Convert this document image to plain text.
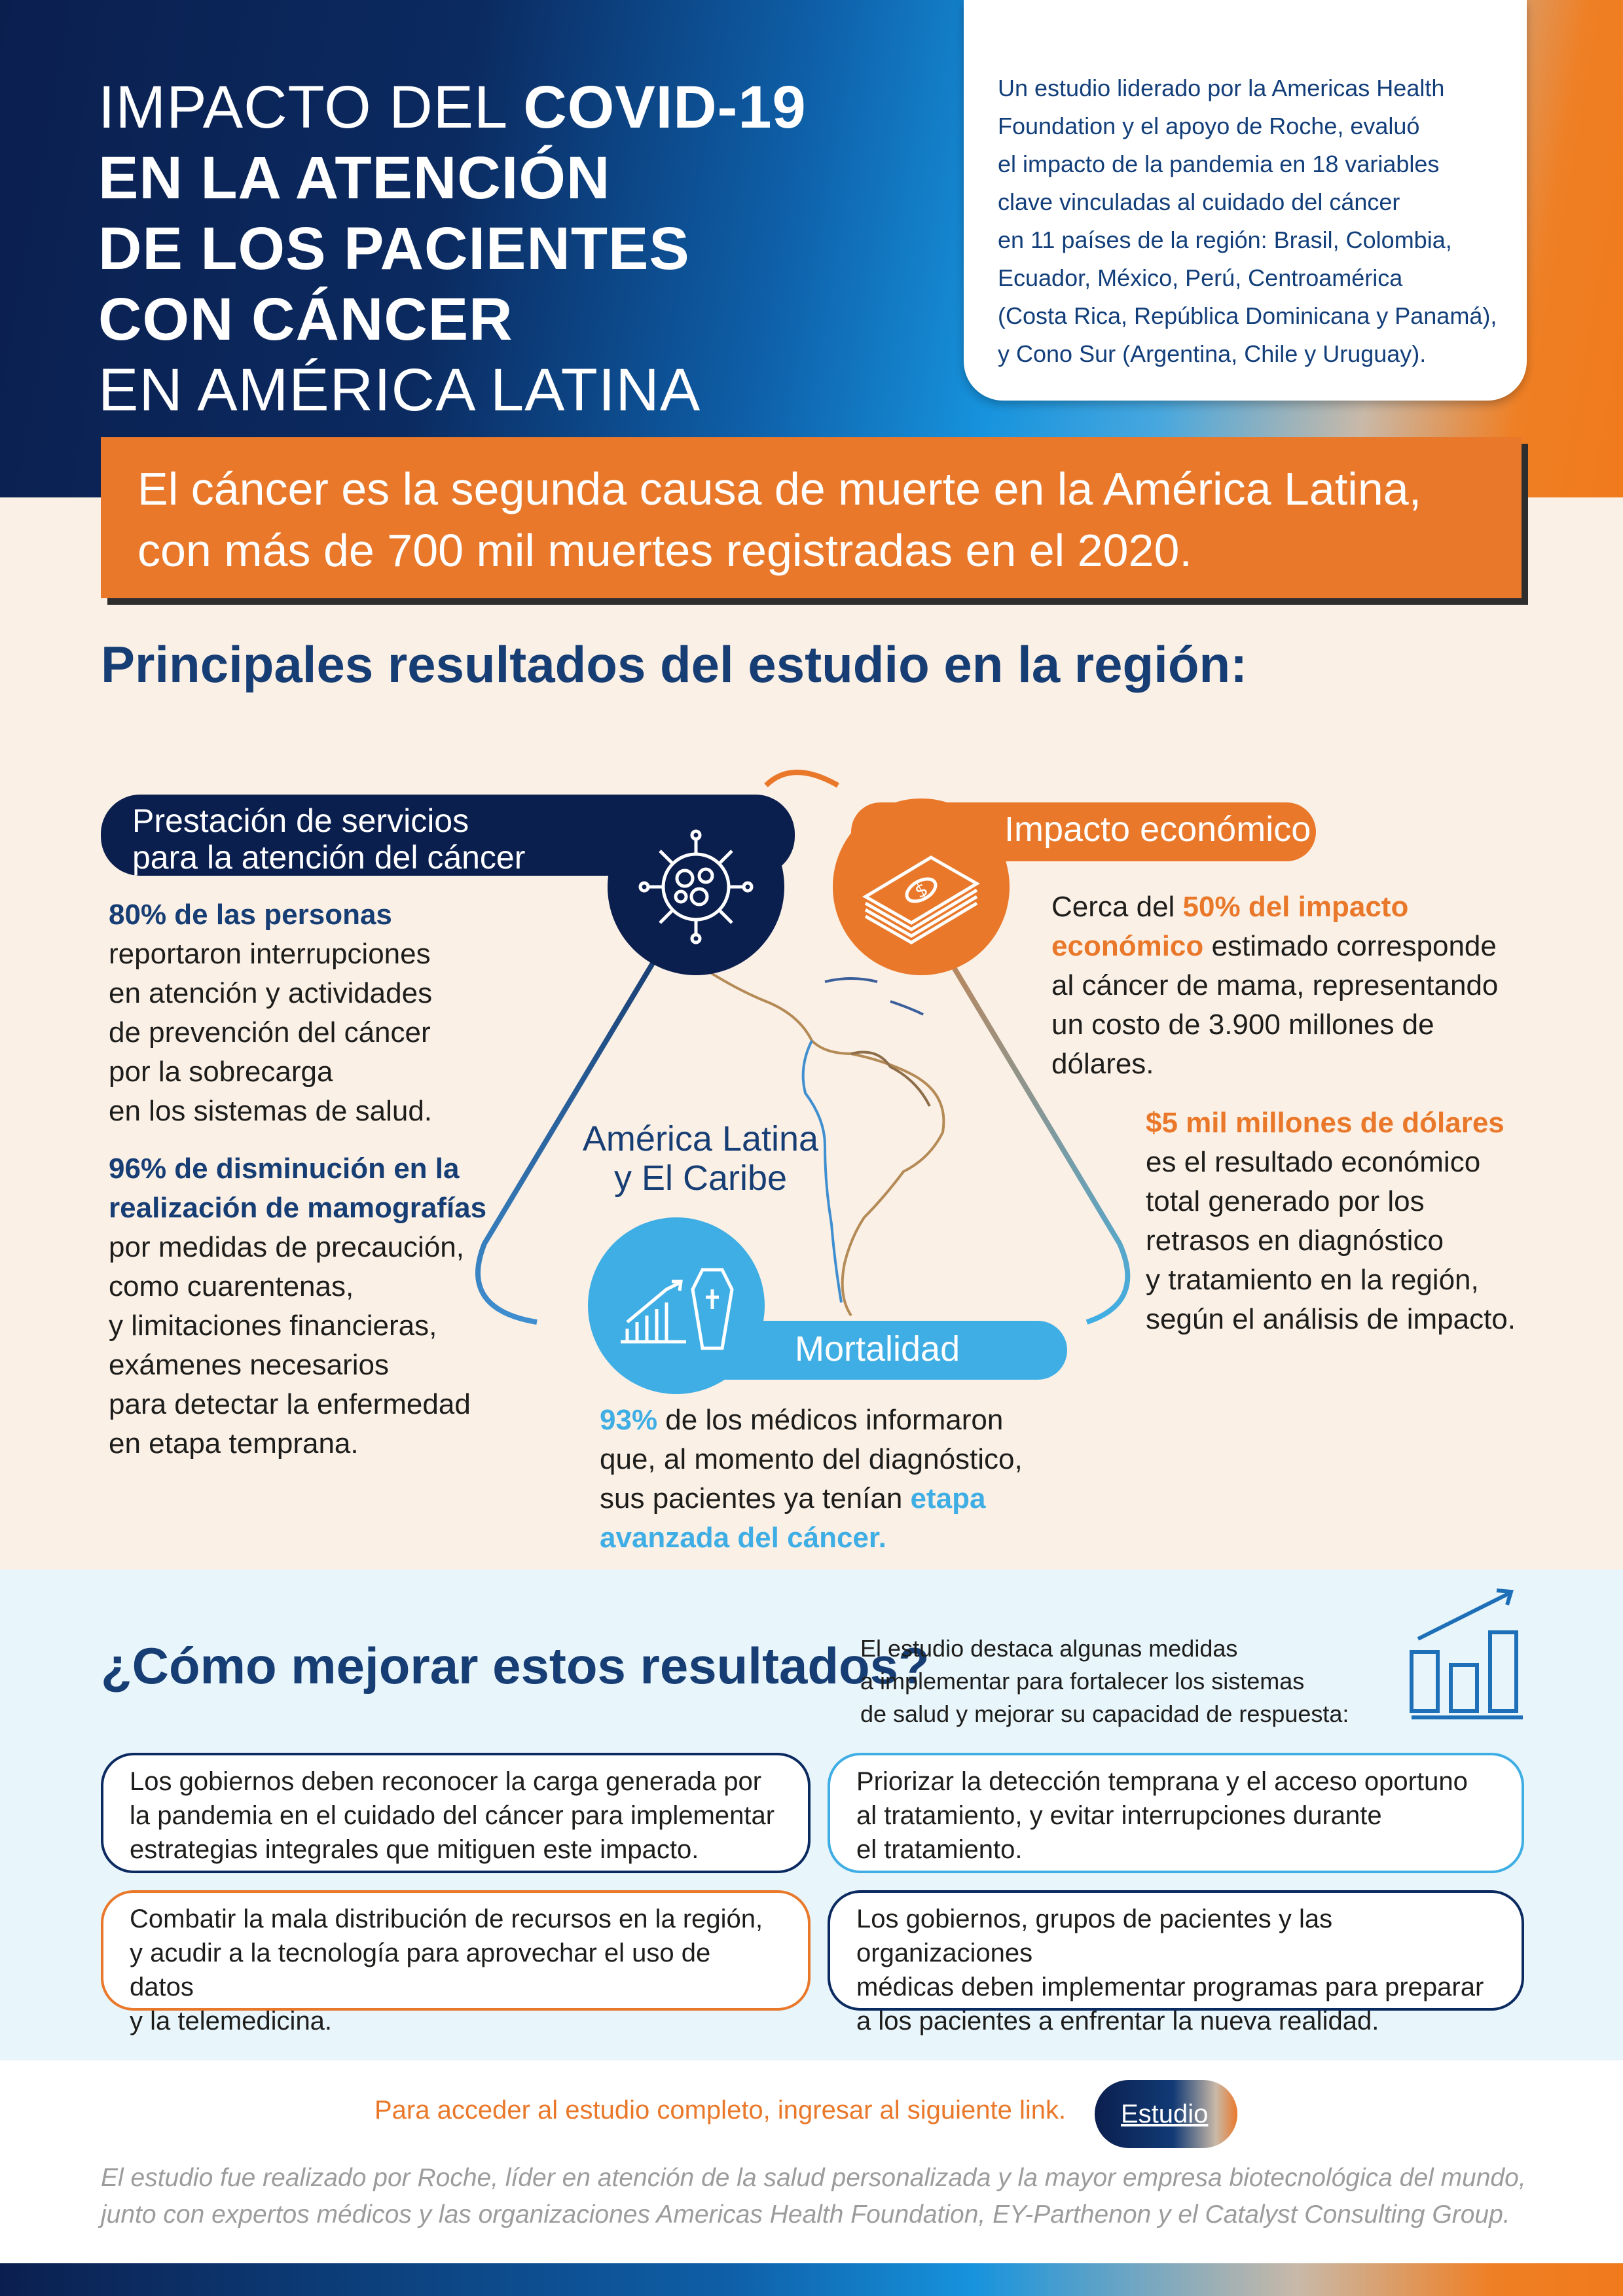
IMPACTO DEL COVID-19
EN LA ATENCIÓN
DE LOS PACIENTES
CON CÁNCER
EN AMÉRICA LATINA
Un estudio liderado por la Americas Health
Foundation y el apoyo de Roche, evaluó
el impacto de la pandemia en 18 variables
clave vinculadas al cuidado del cáncer
en 11 países de la región: Brasil, Colombia,
Ecuador, México, Perú, Centroamérica
(Costa Rica, República Dominicana y Panamá),
y Cono Sur (Argentina, Chile y Uruguay).
El cáncer es la segunda causa de muerte en la América Latina,
con más de 700 mil muertes registradas en el 2020.
Principales resultados del estudio en la región:
Prestación de servicios
para la atención del cáncer
80% de las personas
reportaron interrupciones
en atención y actividades
de prevención del cáncer
por la sobrecarga
en los sistemas de salud.
96% de disminución en la
realización de mamografías
por medidas de precaución,
como cuarentenas,
y limitaciones financieras,
exámenes necesarios
para detectar la enfermedad
en etapa temprana.
Impacto económico
$
Cerca del 50% del impacto
económico estimado corresponde
al cáncer de mama, representando
un costo de 3.900 millones de
dólares.
$5 mil millones de dólares
es el resultado económico
total generado por los
retrasos en diagnóstico
y tratamiento en la región,
según el análisis de impacto.
América Latina
y El Caribe
Mortalidad
93% de los médicos informaron
que, al momento del diagnóstico,
sus pacientes ya tenían etapa
avanzada del cáncer.
¿Cómo mejorar estos resultados?
El estudio destaca algunas medidas
a implementar para fortalecer los sistemas
de salud y mejorar su capacidad de respuesta:
Los gobiernos deben reconocer la carga generada por
la pandemia en el cuidado del cáncer para implementar
estrategias integrales que mitiguen este impacto.
Priorizar la detección temprana y el acceso oportuno
al tratamiento, y evitar interrupciones durante
el tratamiento.
Combatir la mala distribución de recursos en la región,
y acudir a la tecnología para aprovechar el uso de datos
y la telemedicina.
Los gobiernos, grupos de pacientes y las organizaciones
médicas deben implementar programas para preparar
a los pacientes a enfrentar la nueva realidad.
Para acceder al estudio completo, ingresar al siguiente link. Estudio
El estudio fue realizado por Roche, líder en atención de la salud personalizada y la mayor empresa biotecnológica del mundo,
junto con expertos médicos y las organizaciones Americas Health Foundation, EY-Parthenon y el Catalyst Consulting Group.
